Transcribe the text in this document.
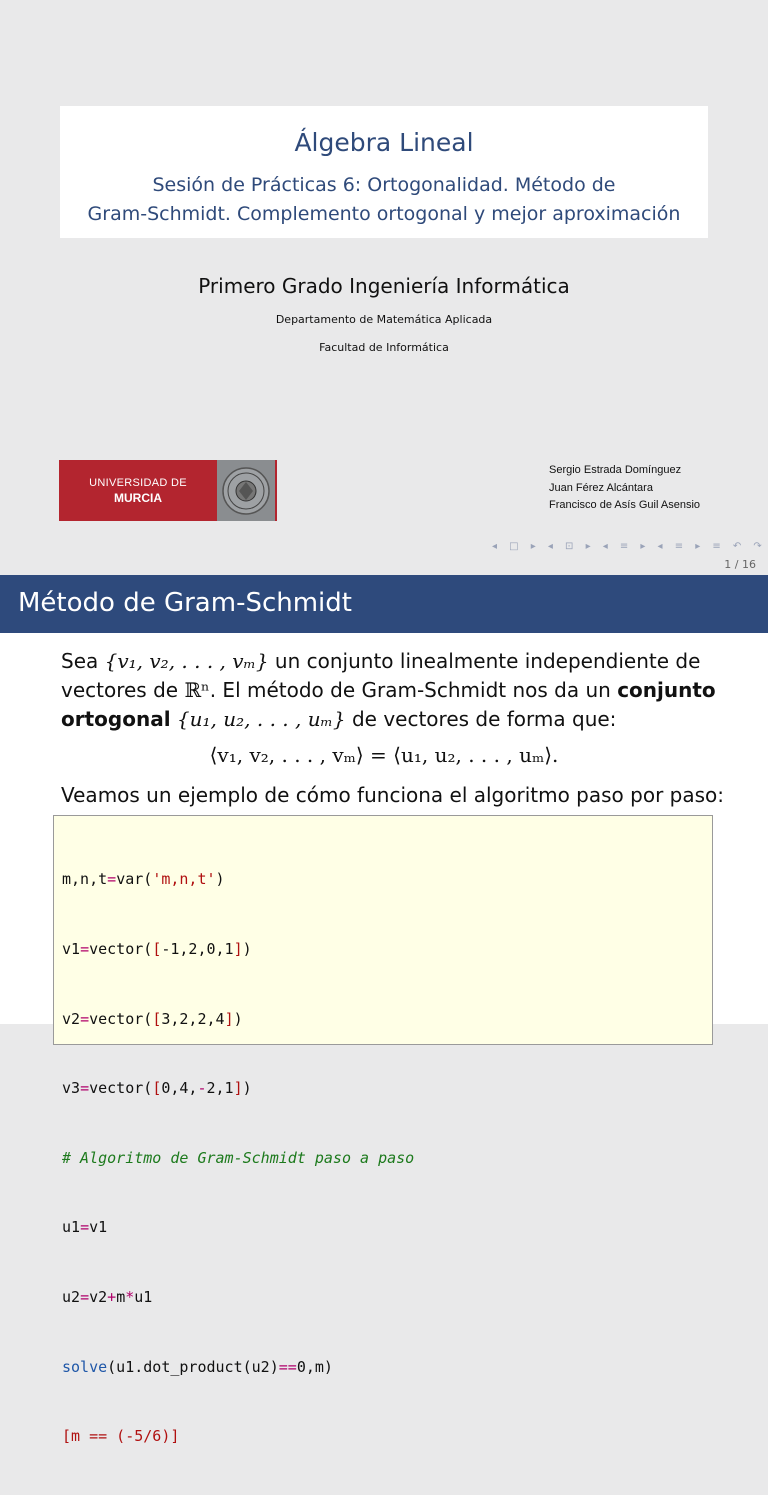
Álgebra Lineal
Sesión de Prácticas 6: Ortogonalidad. Método de
Gram-Schmidt. Complemento ortogonal y mejor aproximación
Primero Grado Ingeniería Informática
Departamento de Matemática Aplicada
Facultad de Informática
UNIVERSIDAD DE
MURCIA
Sergio Estrada Domínguez
Juan Férez Alcántara
Francisco de Asís Guil Asensio
◂ □ ▸ ◂ ⊡ ▸ ◂ ≡ ▸ ◂ ≡ ▸ ≡ ↶ ↷
1 / 16
Método de Gram-Schmidt
Sea {v₁, v₂, . . . , vₘ} un conjunto linealmente independiente de vectores de ℝⁿ. El método de Gram-Schmidt nos da un conjunto ortogonal {u₁, u₂, . . . , uₘ} de vectores de forma que:
⟨v₁, v₂, . . . , vₘ⟩ = ⟨u₁, u₂, . . . , uₘ⟩.
Veamos un ejemplo de cómo funciona el algoritmo paso por paso:

m,n,t=var('m,n,t')

v1=vector([-1,2,0,1])

v2=vector([3,2,2,4])

v3=vector([0,4,-2,1])

# Algoritmo de Gram-Schmidt paso a paso

u1=v1

u2=v2+m*u1

solve(u1.dot_product(u2)==0,m)

[m == (-5/6)]
